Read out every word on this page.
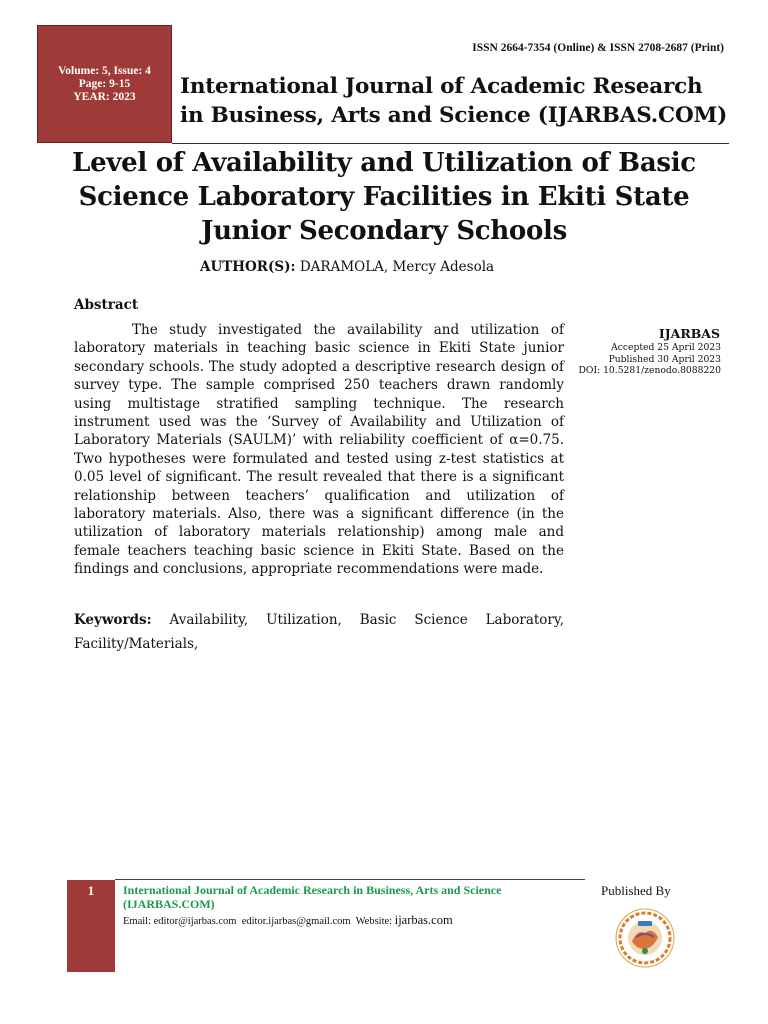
Volume: 5, Issue: 4
Page: 9-15
YEAR: 2023
ISSN 2664-7354 (Online) & ISSN 2708-2687 (Print)
International Journal of Academic Research
in Business, Arts and Science (IJARBAS.COM)
Level of Availability and Utilization of Basic
Science Laboratory Facilities in Ekiti State
Junior Secondary Schools
AUTHOR(S): DARAMOLA, Mercy Adesola
Abstract
The study investigated the availability and utilization of laboratory materials in teaching basic science in Ekiti State junior secondary schools. The study adopted a descriptive research design of survey type. The sample comprised 250 teachers drawn randomly using multistage stratified sampling technique. The research instrument used was the ‘Survey of Availability and Utilization of Laboratory Materials (SAULM)’ with reliability coefficient of α=0.75. Two hypotheses were formulated and tested using z-test statistics at 0.05 level of significant. The result revealed that there is a significant relationship between teachers’ qualification and utilization of laboratory materials. Also, there was a significant difference (in the utilization of laboratory materials relationship) among male and female teachers teaching basic science in Ekiti State. Based on the findings and conclusions, appropriate recommendations were made.
Keywords: Availability, Utilization, Basic Science Laboratory, Facility/Materials,
IJARBAS
Accepted 25 April 2023
Published 30 April 2023
DOI: 10.5281/zenodo.8088220
1	International Journal of Academic Research in Business, Arts and Science
(IJARBAS.COM)
Email: editor@ijarbas.com editor.ijarbas@gmail.com Website: ijarbas.com
Published By
